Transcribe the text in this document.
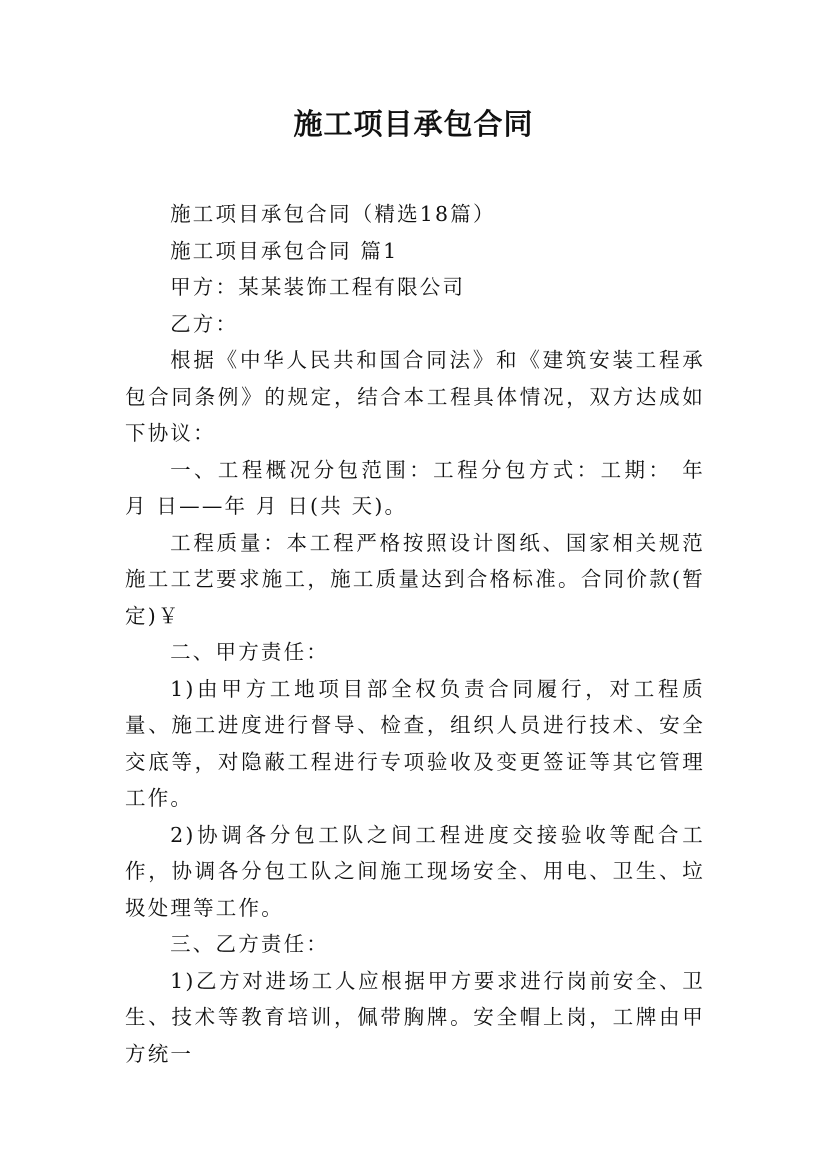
施工项目承包合同

施工项目承包合同（精选18篇）

施工项目承包合同 篇1

甲方：某某装饰工程有限公司

乙方：

根据《中华人民共和国合同法》和《建筑安装工程承包合同条例》的规定，结合本工程具体情况，双方达成如下协议：

一、工程概况分包范围：工程分包方式：工期： 年 月 日——年 月 日(共 天)。

工程质量：本工程严格按照设计图纸、国家相关规范施工工艺要求施工，施工质量达到合格标准。合同价款(暂定)￥

二、甲方责任：

1)由甲方工地项目部全权负责合同履行，对工程质量、施工进度进行督导、检查，组织人员进行技术、安全交底等，对隐蔽工程进行专项验收及变更签证等其它管理工作。

2)协调各分包工队之间工程进度交接验收等配合工作，协调各分包工队之间施工现场安全、用电、卫生、垃圾处理等工作。

三、乙方责任：

1)乙方对进场工人应根据甲方要求进行岗前安全、卫生、技术等教育培训，佩带胸牌。安全帽上岗，工牌由甲方统一
